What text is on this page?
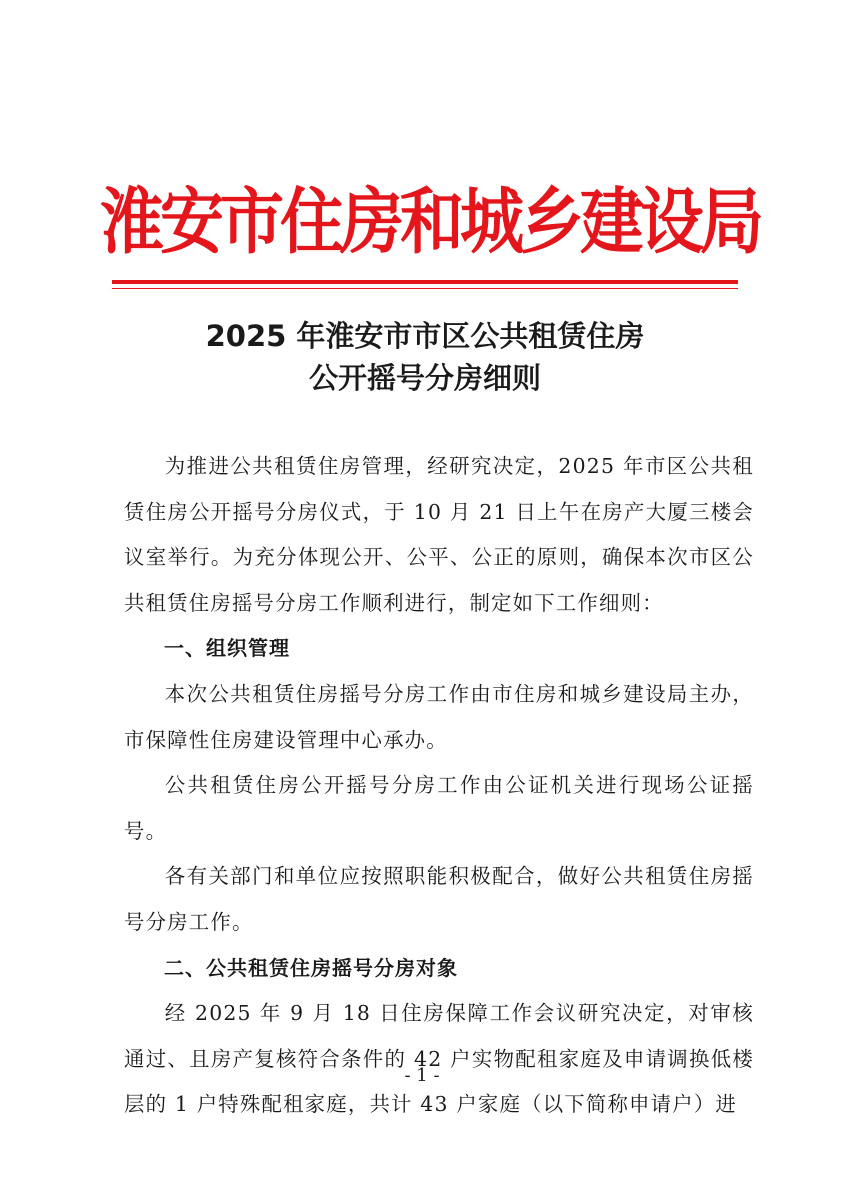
淮安市住房和城乡建设局
2025 年淮安市市区公共租赁住房
公开摇号分房细则

为推进公共租赁住房管理，经研究决定，2025 年市区公共租赁住房公开摇号分房仪式，于 10 月 21 日上午在房产大厦三楼会议室举行。为充分体现公开、公平、公正的原则，确保本次市区公共租赁住房摇号分房工作顺利进行，制定如下工作细则：

一、组织管理

本次公共租赁住房摇号分房工作由市住房和城乡建设局主办，市保障性住房建设管理中心承办。

公共租赁住房公开摇号分房工作由公证机关进行现场公证摇号。

各有关部门和单位应按照职能积极配合，做好公共租赁住房摇号分房工作。

二、公共租赁住房摇号分房对象

经 2025 年 9 月 18 日住房保障工作会议研究决定，对审核通过、且房产复核符合条件的 42 户实物配租家庭及申请调换低楼层的 1 户特殊配租家庭，共计 43 户家庭（以下简称申请户）进

- 1 -
